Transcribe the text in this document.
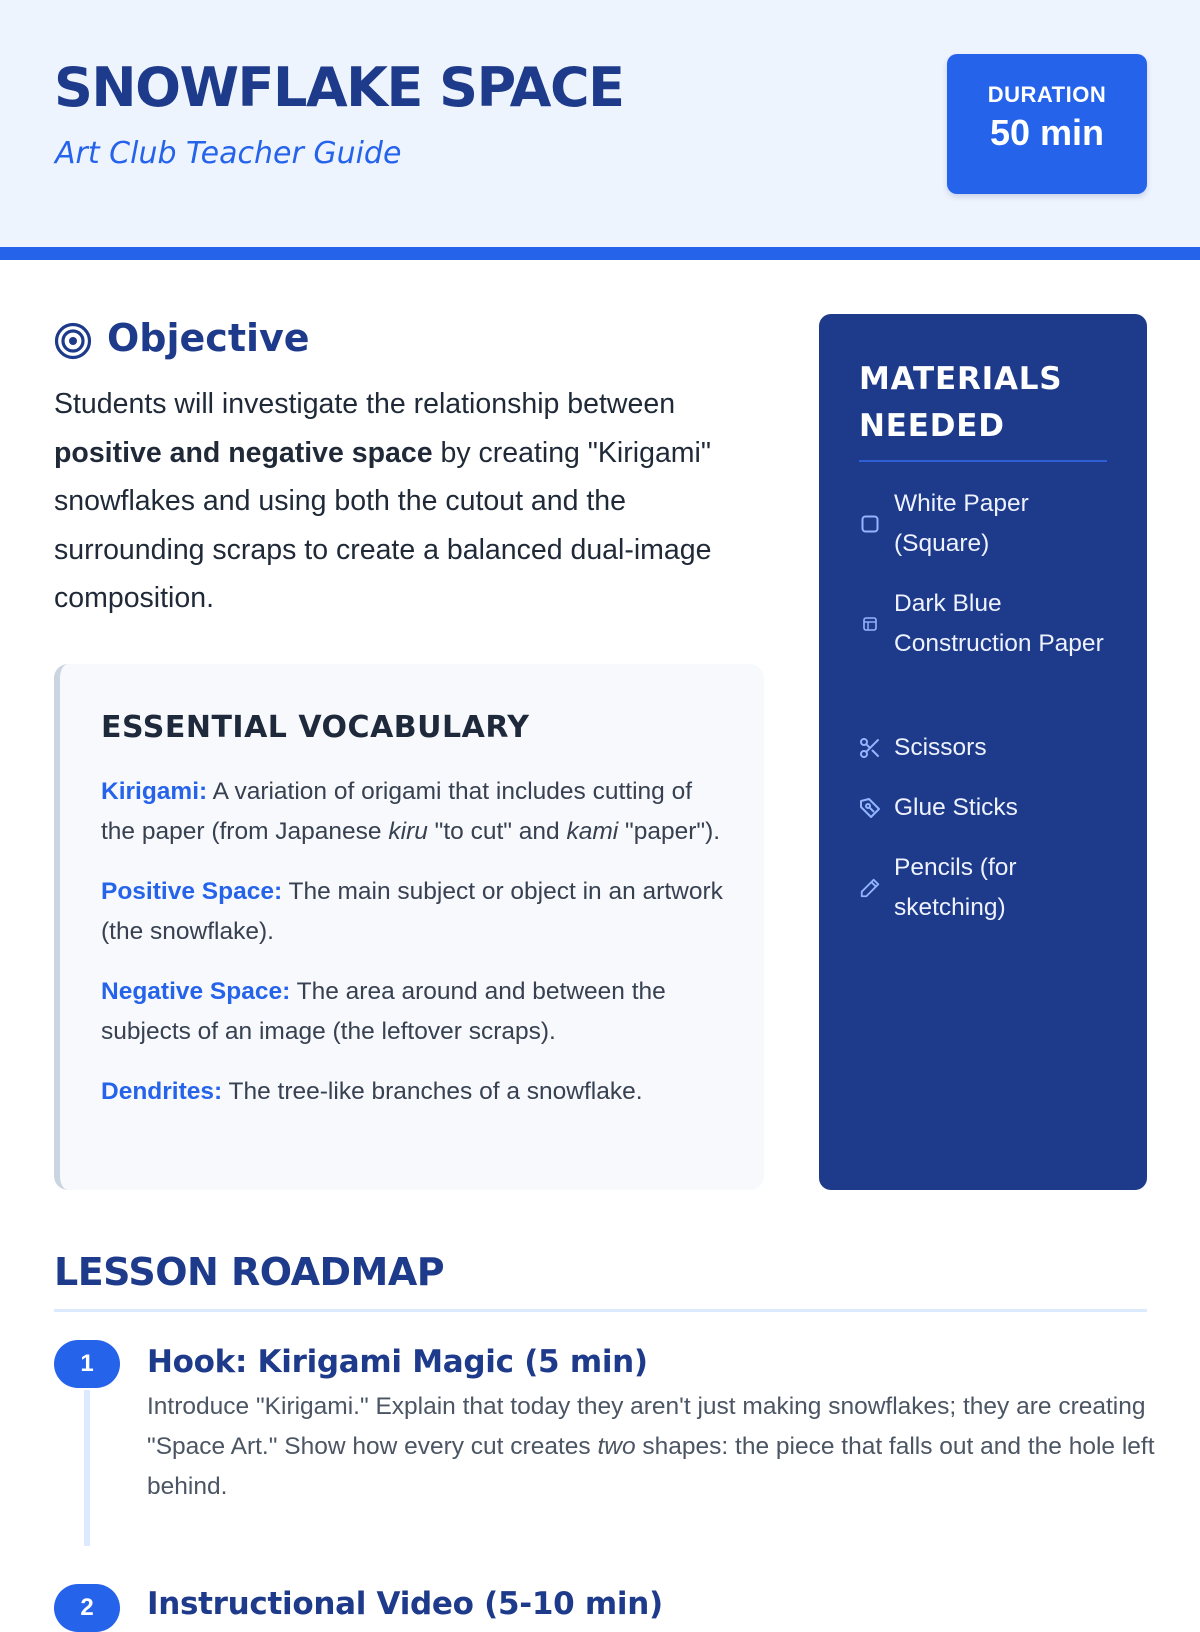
SNOWFLAKE SPACE
Art Club Teacher Guide
DURATION
50 min
Objective

Students will investigate the relationship between positive and negative space by creating "Kirigami" snowflakes and using both the cutout and the surrounding scraps to create a balanced dual-image composition.

ESSENTIAL VOCABULARY

Kirigami: A variation of origami that includes cutting of the paper (from Japanese kiru "to cut" and kami "paper").

Positive Space: The main subject or object in an artwork (the snowflake).

Negative Space: The area around and between the subjects of an image (the leftover scraps).

Dendrites: The tree-like branches of a snowflake.

MATERIALS NEEDED
White Paper (Square)
Dark Blue Construction Paper
Scissors
Glue Sticks
Pencils (for sketching)
LESSON ROADMAP
1	Hook: Kirigami Magic (5 min)

Introduce "Kirigami." Explain that today they aren't just making snowflakes; they are creating "Space Art." Show how every cut creates two shapes: the piece that falls out and the hole left behind.

2	Instructional Video (5-10 min)
